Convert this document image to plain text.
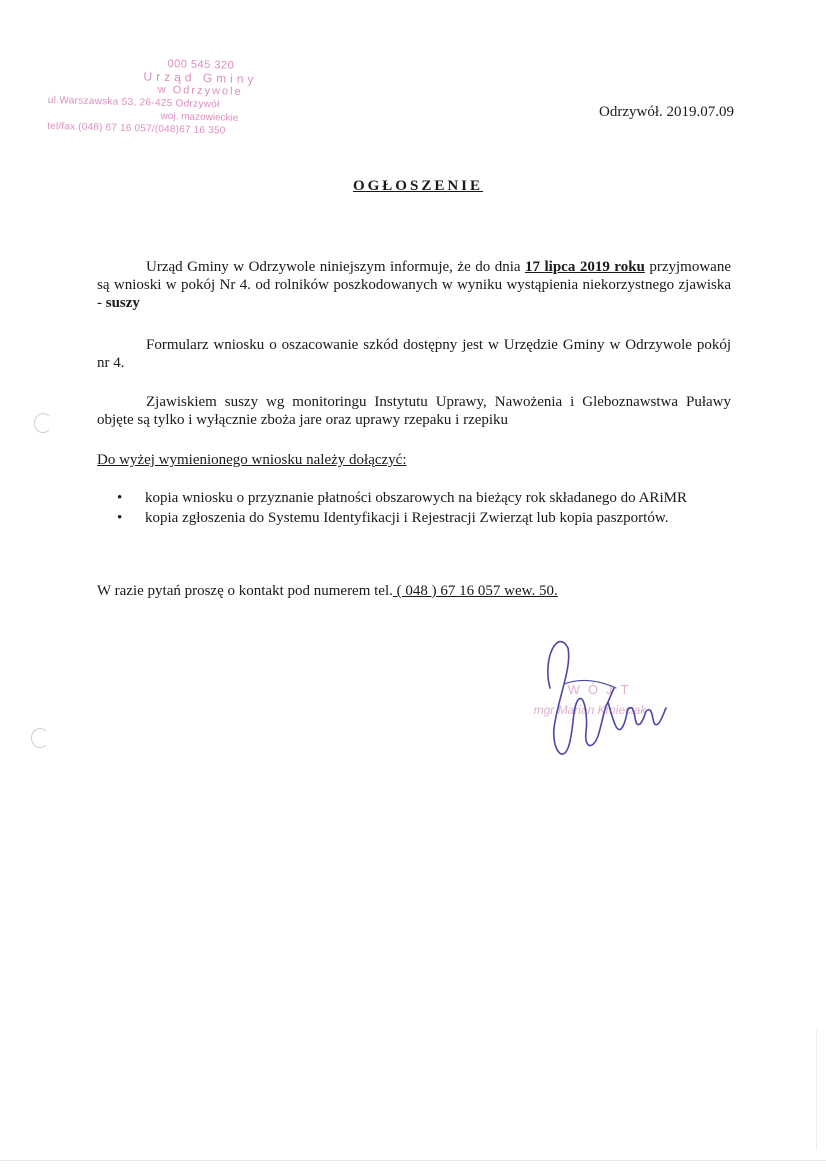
000 545 320
Urząd Gminy
w Odrzywole
ul.Warszawska 53, 26-425 Odrzywół
woj. mazowieckie
tel/fax.(048) 67 16 057/(048)67 16 350
Odrzywół. 2019.07.09
OGŁOSZENIE
Urząd Gminy w Odrzywole niniejszym informuje, że do dnia 17 lipca 2019 roku przyjmowane są wnioski w pokój Nr 4. od rolników poszkodowanych w wyniku wystąpienia niekorzystnego zjawiska - suszy
Formularz wniosku o oszacowanie szkód dostępny jest w Urzędzie Gminy w Odrzywole pokój nr 4.
Zjawiskiem suszy wg monitoringu Instytutu Uprawy, Nawożenia i Gleboznawstwa Puławy objęte są tylko i wyłącznie zboża jare oraz uprawy rzepaku i rzepiku
Do wyżej wymienionego wniosku należy dołączyć:
• kopia wniosku o przyznanie płatności obszarowych na bieżący rok składanego do ARiMR
• kopia zgłoszenia do Systemu Identyfikacji i Rejestracji Zwierząt lub kopia paszportów.
W razie pytań proszę o kontakt pod numerem tel. ( 048 ) 67 16 057 wew. 50.
WÓJT
mgr Marian Kmieciak
